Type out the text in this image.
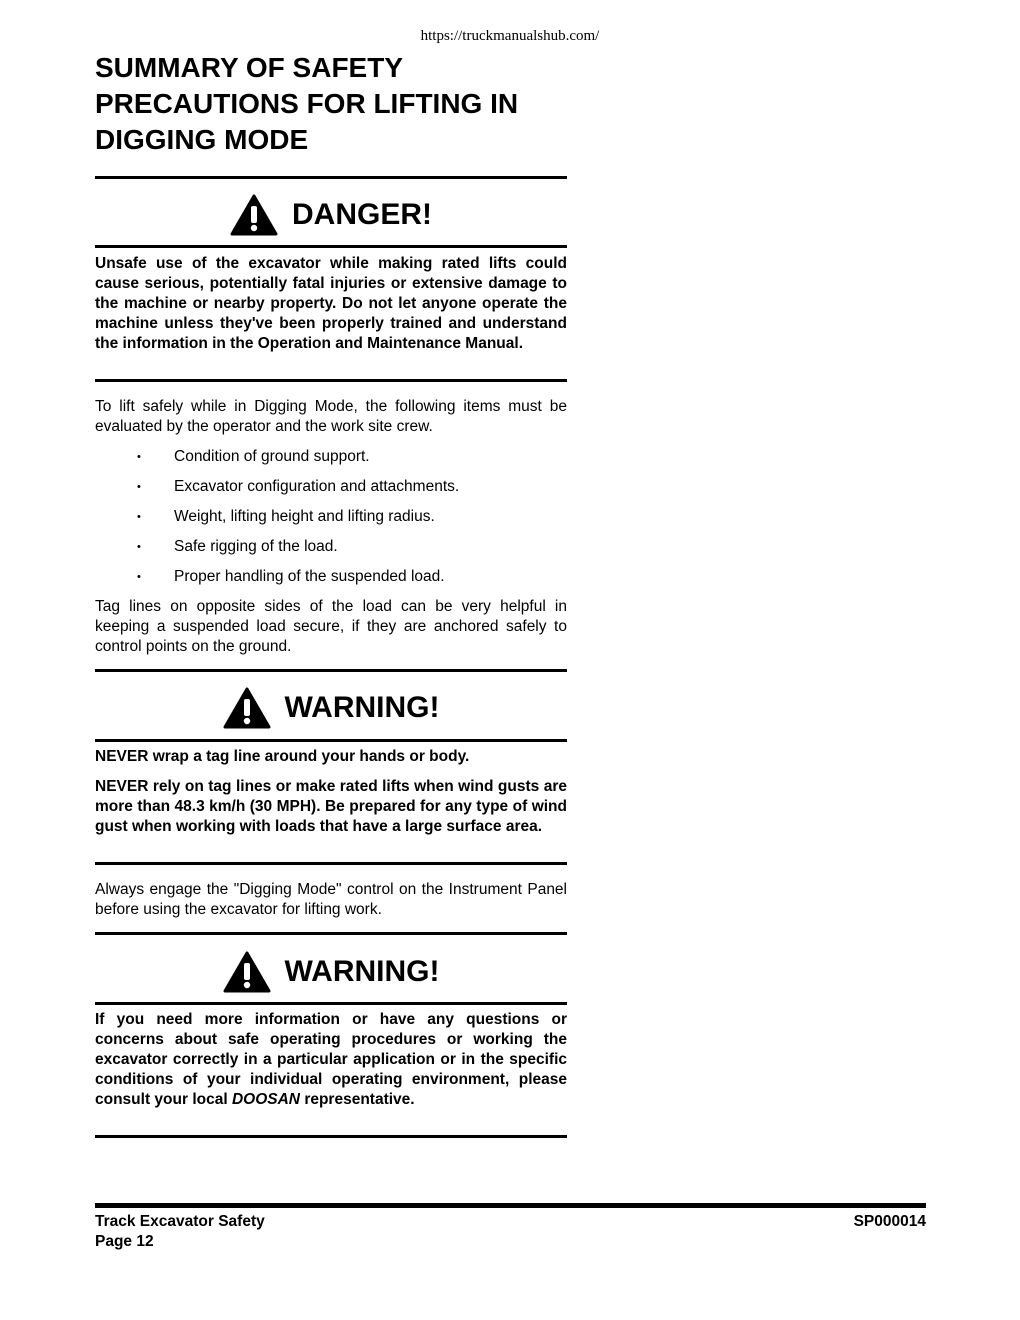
https://truckmanualshub.com/
SUMMARY OF SAFETY
PRECAUTIONS FOR LIFTING IN
DIGGING MODE
DANGER!

Unsafe use of the excavator while making rated lifts could cause serious, potentially fatal injuries or extensive damage to the machine or nearby property. Do not let anyone operate the machine unless they've been properly trained and understand the information in the Operation and Maintenance Manual.

To lift safely while in Digging Mode, the following items must be evaluated by the operator and the work site crew.

• Condition of ground support.
• Excavator configuration and attachments.
• Weight, lifting height and lifting radius.
• Safe rigging of the load.
• Proper handling of the suspended load.

Tag lines on opposite sides of the load can be very helpful in keeping a suspended load secure, if they are anchored safely to control points on the ground.

WARNING!

NEVER wrap a tag line around your hands or body.

NEVER rely on tag lines or make rated lifts when wind gusts are more than 48.3 km/h (30 MPH). Be prepared for any type of wind gust when working with loads that have a large surface area.

Always engage the "Digging Mode" control on the Instrument Panel before using the excavator for lifting work.

WARNING!

If you need more information or have any questions or concerns about safe operating procedures or working the excavator correctly in a particular application or in the specific conditions of your individual operating environment, please consult your local DOOSAN representative.

Track Excavator Safety
Page 12
SP000014
